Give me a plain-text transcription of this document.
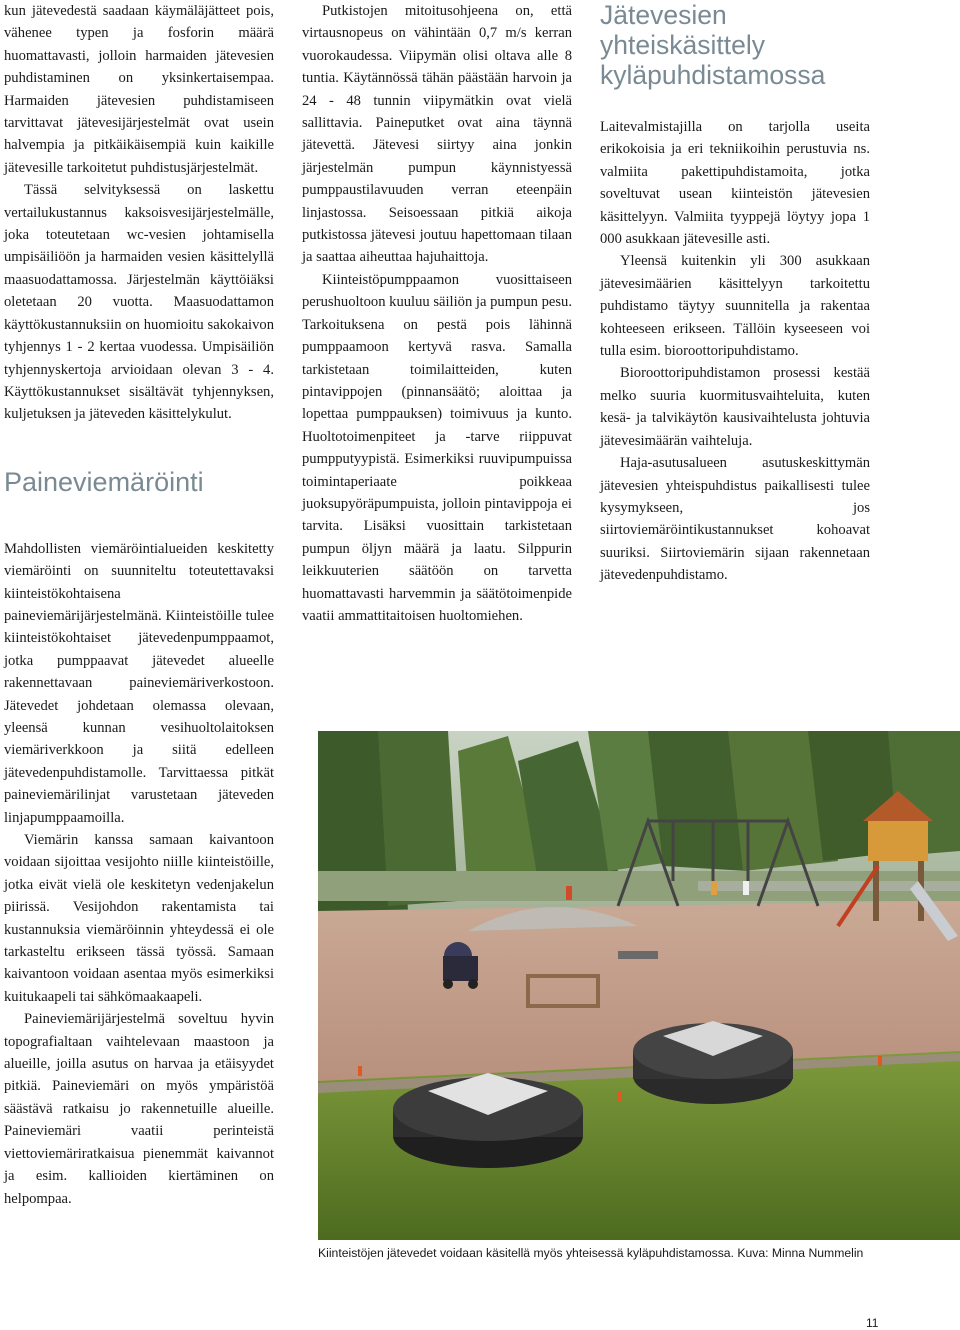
kun jätevedestä saadaan käymäläjätteet pois, vähenee typen ja fosforin määrä huomattavasti, jolloin harmaiden jätevesien puhdistaminen on yksinkertaisempaa. Harmaiden jätevesien puhdistamiseen tarvittavat jätevesijärjestelmät ovat usein halvempia ja pitkäikäisempiä kuin kaikille jätevesille tarkoitetut puhdistusjärjestelmät.

Tässä selvityksessä on laskettu vertailukustannus kaksoisvesijärjestelmälle, joka toteutetaan wc-vesien johtamisella umpisäiliöön ja harmaiden vesien käsittelyllä maasuodattamossa. Järjestelmän käyttöiäksi oletetaan 20 vuotta. Maasuodattamon käyttökustannuksiin on huomioitu sakokaivon tyhjennys 1 - 2 kertaa vuodessa. Umpisäiliön tyhjennyskertoja arvioidaan olevan 3 - 4. Käyttökustannukset sisältävät tyhjennyksen, kuljetuksen ja jäteveden käsittelykulut.

Paineviemäröinti

Mahdollisten viemäröintialueiden keskitetty viemäröinti on suunniteltu toteutettavaksi kiinteistökohtaisena paineviemärijärjestelmänä. Kiinteistöille tulee kiinteistökohtaiset jätevedenpumppaamot, jotka pumppaavat jätevedet alueelle rakennettavaan paineviemäriverkostoon. Jätevedet johdetaan olemassa olevaan, yleensä kunnan vesihuoltolaitoksen viemäriverkkoon ja siitä edelleen jätevedenpuhdistamolle. Tarvittaessa pitkät paineviemärilinjat varustetaan jäteveden linjapumppaamoilla.

Viemärin kanssa samaan kaivantoon voidaan sijoittaa vesijohto niille kiinteistöille, jotka eivät vielä ole keskitetyn vedenjakelun piirissä. Vesijohdon rakentamista tai kustannuksia viemäröinnin yhteydessä ei ole tarkasteltu erikseen tässä työssä. Samaan kaivantoon voidaan asentaa myös esimerkiksi kuitukaapeli tai sähkömaakaapeli.

Paineviemärijärjestelmä soveltuu hyvin topografialtaan vaihtelevaan maastoon ja alueille, joilla asutus on harvaa ja etäisyydet pitkiä. Paineviemäri on myös ympäristöä säästävä ratkaisu jo rakennetuille alueille. Paineviemäri vaatii perinteistä viettoviemäriratkaisua pienemmät kaivannot ja esim. kallioiden kiertäminen on helpompaa.

Putkistojen mitoitusohjeena on, että virtausnopeus on vähintään 0,7 m/s kerran vuorokaudessa. Viipymän olisi oltava alle 8 tuntia. Käytännössä tähän päästään harvoin ja 24 - 48 tunnin viipymätkin ovat vielä sallittavia. Paineputket ovat aina täynnä jätevettä. Jätevesi siirtyy aina jonkin järjestelmän pumpun käynnistyessä pumppaustilavuuden verran eteenpäin linjastossa. Seisoessaan pitkiä aikoja putkistossa jätevesi joutuu hapettomaan tilaan ja saattaa aiheuttaa hajuhaittoja.

Kiinteistöpumppaamon vuosittaiseen perushuoltoon kuuluu säiliön ja pumpun pesu. Tarkoituksena on pestä pois lähinnä pumppaamoon kertyvä rasva. Samalla tarkistetaan toimilaitteiden, kuten pintavippojen (pinnansäätö; aloittaa ja lopettaa pumppauksen) toimivuus ja kunto. Huoltotoimenpiteet ja -tarve riippuvat pumpputyypistä. Esimerkiksi ruuvipumpuissa toimintaperiaate poikkeaa juoksupyöräpumpuista, jolloin pintavippoja ei tarvita. Lisäksi vuosittain tarkistetaan pumpun öljyn määrä ja laatu. Silppurin leikkuuterien säätöön on tarvetta huomattavasti harvemmin ja säätötoimenpide vaatii ammattitaitoisen huoltomiehen.

Jätevesien yhteiskäsittely kyläpuhdistamossa

Laitevalmistajilla on tarjolla useita erikokoisia ja eri tekniikoihin perustuvia ns. valmiita pakettipuhdistamoita, jotka soveltuvat usean kiinteistön jätevesien käsittelyyn. Valmiita tyyppejä löytyy jopa 1 000 asukkaan jätevesille asti.

Yleensä kuitenkin yli 300 asukkaan jätevesimäärien käsittelyyn tarkoitettu puhdistamo täytyy suunnitella ja rakentaa kohteeseen erikseen. Tällöin kyseeseen voi tulla esim. bioroottoripuhdistamo.

Bioroottoripuhdistamon prosessi kestää melko suuria kuormitusvaihteluita, kuten kesä- ja talvikäytön kausivaihtelusta johtuvia jätevesimäärän vaihteluja.

Haja-asutusalueen asutuskeskittymän jätevesien yhteispuhdistus paikallisesti tulee kysymykseen, jos siirtoviemäröintikustannukset kohoavat suuriksi. Siirtoviemärin sijaan rakennetaan jätevedenpuhdistamo.

Kiinteistöjen jätevedet voidaan käsitellä myös yhteisessä kyläpuhdistamossa. Kuva: Minna Nummelin

11
